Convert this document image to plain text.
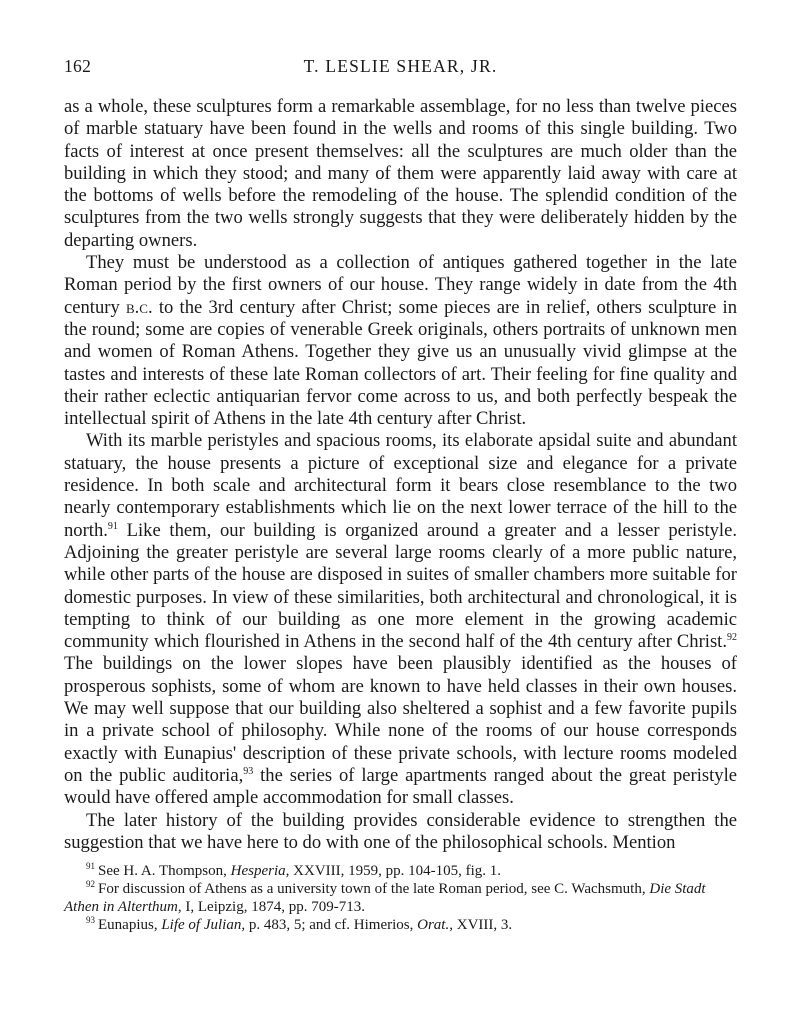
162	T. LESLIE SHEAR, JR.

as a whole, these sculptures form a remarkable assemblage, for no less than twelve pieces of marble statuary have been found in the wells and rooms of this single building. Two facts of interest at once present themselves: all the sculptures are much older than the building in which they stood; and many of them were apparently laid away with care at the bottoms of wells before the remodeling of the house. The splendid condition of the sculptures from the two wells strongly suggests that they were deliberately hidden by the departing owners.

They must be understood as a collection of antiques gathered together in the late Roman period by the first owners of our house. They range widely in date from the 4th century b.c. to the 3rd century after Christ; some pieces are in relief, others sculpture in the round; some are copies of venerable Greek originals, others portraits of unknown men and women of Roman Athens. Together they give us an unusually vivid glimpse at the tastes and interests of these late Roman collectors of art. Their feeling for fine quality and their rather eclectic antiquarian fervor come across to us, and both perfectly bespeak the intellectual spirit of Athens in the late 4th century after Christ.

With its marble peristyles and spacious rooms, its elaborate apsidal suite and abundant statuary, the house presents a picture of exceptional size and elegance for a private residence. In both scale and architectural form it bears close resemblance to the two nearly contemporary establishments which lie on the next lower terrace of the hill to the north.$^{91}$ Like them, our building is organized around a greater and a lesser peristyle. Adjoining the greater peristyle are several large rooms clearly of a more public nature, while other parts of the house are disposed in suites of smaller chambers more suitable for domestic purposes. In view of these similarities, both architectural and chronological, it is tempting to think of our building as one more element in the growing academic community which flourished in Athens in the second half of the 4th century after Christ.$^{92}$ The buildings on the lower slopes have been plausibly identified as the houses of prosperous sophists, some of whom are known to have held classes in their own houses. We may well suppose that our building also sheltered a sophist and a few favorite pupils in a private school of philosophy. While none of the rooms of our house corresponds exactly with Eunapius' description of these private schools, with lecture rooms modeled on the public auditoria,$^{93}$ the series of large apartments ranged about the great peristyle would have offered ample accommodation for small classes.

The later history of the building provides considerable evidence to strengthen the suggestion that we have here to do with one of the philosophical schools. Mention

$^{91}$ See H. A. Thompson, Hesperia, XXVIII, 1959, pp. 104-105, fig. 1.

$^{92}$ For discussion of Athens as a university town of the late Roman period, see C. Wachsmuth, Die Stadt Athen in Alterthum, I, Leipzig, 1874, pp. 709-713.

$^{93}$ Eunapius, Life of Julian, p. 483, 5; and cf. Himerios, Orat., XVIII, 3.
